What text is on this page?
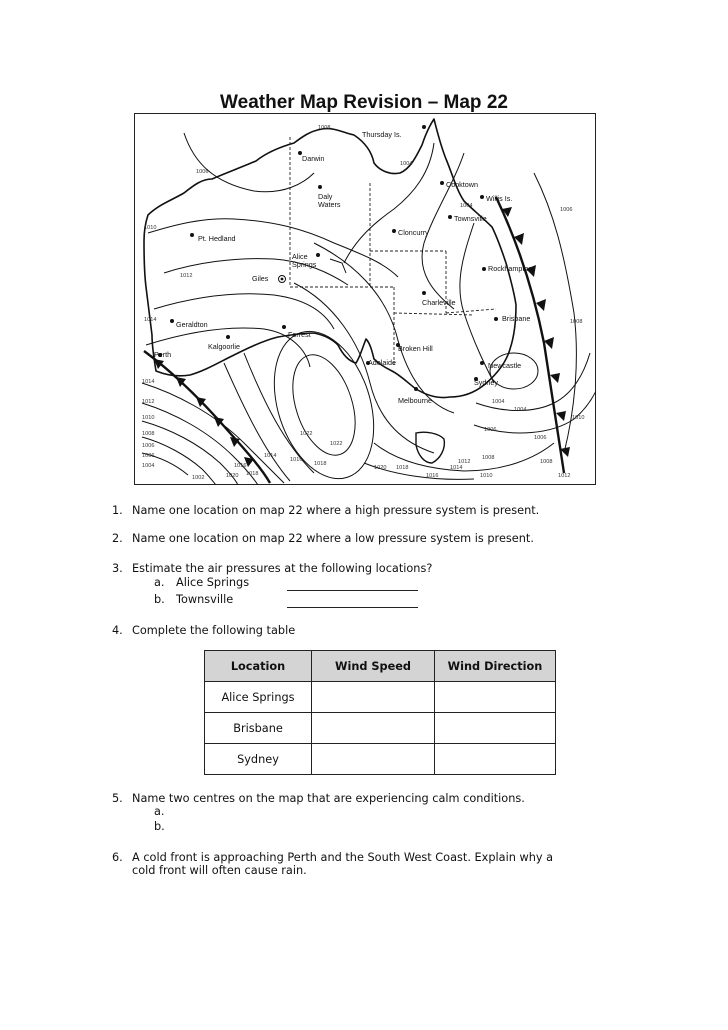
Weather Map Revision – Map 22
Thursday Is.
Darwin
Cooktown
Willis Is.
Daly Waters
Townsville
Pt. Hedland
Cloncurry
Alice Springs	Rockhampton
Giles
Charleville
Geraldton
Forrest
Brisbane
Kalgoorlie	Broken Hill
Perth
Adelaide	Newcastle
Sydney
Melbourne
1008
1006
1004
1004
1006
1010
1012
1014	1008
1014
1012
1010
1008
1006
1006
1004
1002
1022
1022
1014
1016
1018
1018
1020
1016
1014
1012
1010
1008
1004
1004
1006
1006
1008
1010
1012
1016
1018
1020
1. Name one location on map 22 where a high pressure system is present.
2. Name one location on map 22 where a low pressure system is present.
3. Estimate the air pressures at the following locations?
a. Alice Springs
b. Townsville
4. Complete the following table
Location	Wind Speed	Wind Direction
Alice Springs		
Brisbane		
Sydney		
5. Name two centres on the map that are experiencing calm conditions.
a.
b.
6. A cold front is approaching Perth and the South West Coast. Explain why a
cold front will often cause rain.
